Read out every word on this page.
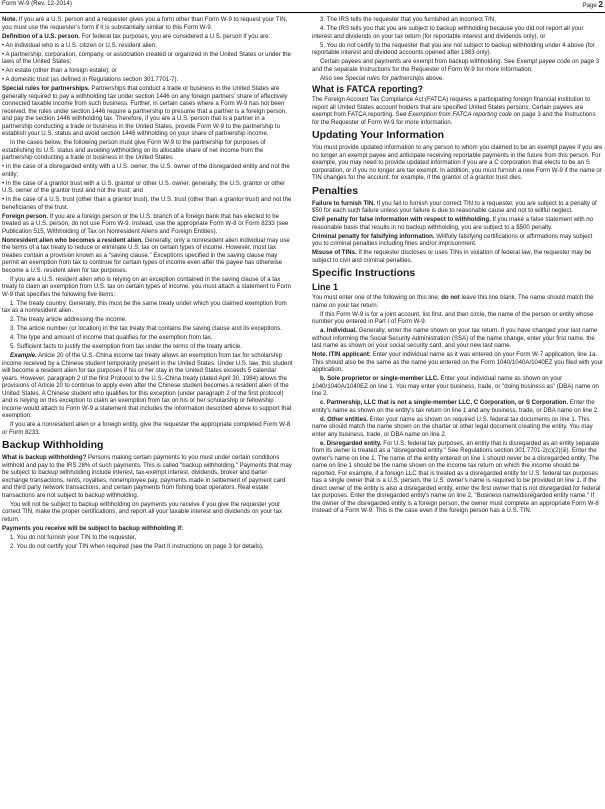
Form W-9 (Rev. 12-2014)	Page 2

Note. If you are a U.S. person and a requester gives you a form other than Form W-9 to request your TIN, you must use the requester's form if it is substantially similar to this Form W-9.

Definition of a U.S. person. For federal tax purposes, you are considered a U.S. person if you are:

• An individual who is a U.S. citizen or U.S. resident alien;

• A partnership, corporation, company, or association created or organized in the United States or under the laws of the United States;

• An estate (other than a foreign estate); or

• A domestic trust (as defined in Regulations section 301.7701-7).

Special rules for partnerships. Partnerships that conduct a trade or business in the United States are generally required to pay a withholding tax under section 1446 on any foreign partners' share of effectively connected taxable income from such business. Further, in certain cases where a Form W-9 has not been received, the rules under section 1446 require a partnership to presume that a partner is a foreign person, and pay the section 1446 withholding tax. Therefore, if you are a U.S. person that is a partner in a partnership conducting a trade or business in the United States, provide Form W-9 to the partnership to establish your U.S. status and avoid section 1446 withholding on your share of partnership income.

In the cases below, the following person must give Form W-9 to the partnership for purposes of establishing its U.S. status and avoiding withholding on its allocable share of net income from the partnership conducting a trade or business in the United States:

• In the case of a disregarded entity with a U.S. owner, the U.S. owner of the disregarded entity and not the entity;

• In the case of a grantor trust with a U.S. grantor or other U.S. owner, generally, the U.S. grantor or other U.S. owner of the grantor trust and not the trust; and

• In the case of a U.S. trust (other than a grantor trust), the U.S. trust (other than a grantor trust) and not the beneficiaries of the trust.

Foreign person. If you are a foreign person or the U.S. branch of a foreign bank that has elected to be treated as a U.S. person, do not use Form W-9. Instead, use the appropriate Form W-8 or Form 8233 (see Publication 515, Withholding of Tax on Nonresident Aliens and Foreign Entities).

Nonresident alien who becomes a resident alien. Generally, only a nonresident alien individual may use the terms of a tax treaty to reduce or eliminate U.S. tax on certain types of income. However, most tax treaties contain a provision known as a "saving clause." Exceptions specified in the saving clause may permit an exemption from tax to continue for certain types of income even after the payee has otherwise become a U.S. resident alien for tax purposes.

If you are a U.S. resident alien who is relying on an exception contained in the saving clause of a tax treaty to claim an exemption from U.S. tax on certain types of income, you must attach a statement to Form W-9 that specifies the following five items:

1. The treaty country. Generally, this must be the same treaty under which you claimed exemption from tax as a nonresident alien.

2. The treaty article addressing the income.

3. The article number (or location) in the tax treaty that contains the saving clause and its exceptions.

4. The type and amount of income that qualifies for the exemption from tax.

5. Sufficient facts to justify the exemption from tax under the terms of the treaty article.

Example. Article 20 of the U.S.-China income tax treaty allows an exemption from tax for scholarship income received by a Chinese student temporarily present in the United States. Under U.S. law, this student will become a resident alien for tax purposes if his or her stay in the United States exceeds 5 calendar years. However, paragraph 2 of the first Protocol to the U.S.-China treaty (dated April 30, 1984) allows the provisions of Article 20 to continue to apply even after the Chinese student becomes a resident alien of the United States. A Chinese student who qualifies for this exception (under paragraph 2 of the first protocol) and is relying on this exception to claim an exemption from tax on his or her scholarship or fellowship income would attach to Form W-9 a statement that includes the information described above to support that exemption.

If you are a nonresident alien or a foreign entity, give the requester the appropriate completed Form W-8 or Form 8233.

Backup Withholding

What is backup withholding? Persons making certain payments to you must under certain conditions withhold and pay to the IRS 28% of such payments. This is called "backup withholding." Payments that may be subject to backup withholding include interest, tax-exempt interest, dividends, broker and barter exchange transactions, rents, royalties, nonemployee pay, payments made in settlement of payment card and third party network transactions, and certain payments from fishing boat operators. Real estate transactions are not subject to backup withholding.

You will not be subject to backup withholding on payments you receive if you give the requester your correct TIN, make the proper certifications, and report all your taxable interest and dividends on your tax return.

Payments you receive will be subject to backup withholding if:

1. You do not furnish your TIN to the requester,

2. You do not certify your TIN when required (see the Part II instructions on page 3 for details),

3. The IRS tells the requester that you furnished an incorrect TIN,

4. The IRS tells you that you are subject to backup withholding because you did not report all your interest and dividends on your tax return (for reportable interest and dividends only), or

5. You do not certify to the requester that you are not subject to backup withholding under 4 above (for reportable interest and dividend accounts opened after 1983 only).

Certain payees and payments are exempt from backup withholding. See Exempt payee code on page 3 and the separate Instructions for the Requester of Form W-9 for more information.

Also see Special rules for partnerships above.

What is FATCA reporting?

The Foreign Account Tax Compliance Act (FATCA) requires a participating foreign financial institution to report all United States account holders that are specified United States persons. Certain payees are exempt from FATCA reporting. See Exemption from FATCA reporting code on page 3 and the Instructions for the Requester of Form W-9 for more information.

Updating Your Information

You must provide updated information to any person to whom you claimed to be an exempt payee if you are no longer an exempt payee and anticipate receiving reportable payments in the future from this person. For example, you may need to provide updated information if you are a C corporation that elects to be an S corporation, or if you no longer are tax exempt. In addition, you must furnish a new Form W-9 if the name or TIN changes for the account; for example, if the grantor of a grantor trust dies.

Penalties

Failure to furnish TIN. If you fail to furnish your correct TIN to a requester, you are subject to a penalty of $50 for each such failure unless your failure is due to reasonable cause and not to willful neglect.

Civil penalty for false information with respect to withholding. If you make a false statement with no reasonable basis that results in no backup withholding, you are subject to a $500 penalty.

Criminal penalty for falsifying information. Willfully falsifying certifications or affirmations may subject you to criminal penalties including fines and/or imprisonment.

Misuse of TINs. If the requester discloses or uses TINs in violation of federal law, the requester may be subject to civil and criminal penalties.

Specific Instructions
Line 1

You must enter one of the following on this line; do not leave this line blank. The name should match the name on your tax return.

If this Form W-9 is for a joint account, list first, and then circle, the name of the person or entity whose number you entered in Part I of Form W-9.

a. Individual. Generally, enter the name shown on your tax return. If you have changed your last name without informing the Social Security Administration (SSA) of the name change, enter your first name, the last name as shown on your social security card, and your new last name.

Note. ITIN applicant: Enter your individual name as it was entered on your Form W-7 application, line 1a. This should also be the same as the name you entered on the Form 1040/1040A/1040EZ you filed with your application.

b. Sole proprietor or single-member LLC. Enter your individual name as shown on your 1040/1040A/1040EZ on line 1. You may enter your business, trade, or "doing business as" (DBA) name on line 2.

c. Partnership, LLC that is not a single-member LLC, C Corporation, or S Corporation. Enter the entity's name as shown on the entity's tax return on line 1 and any business, trade, or DBA name on line 2.

d. Other entities. Enter your name as shown on required U.S. federal tax documents on line 1. This name should match the name shown on the charter or other legal document creating the entity. You may enter any business, trade, or DBA name on line 2.

e. Disregarded entity. For U.S. federal tax purposes, an entity that is disregarded as an entity separate from its owner is treated as a "disregarded entity." See Regulations section 301.7701-2(c)(2)(iii). Enter the owner's name on line 1. The name of the entity entered on line 1 should never be a disregarded entity. The name on line 1 should be the name shown on the income tax return on which the income should be reported. For example, if a foreign LLC that is treated as a disregarded entity for U.S. federal tax purposes has a single owner that is a U.S. person, the U.S. owner's name is required to be provided on line 1. If the direct owner of the entity is also a disregarded entity, enter the first owner that is not disregarded for federal tax purposes. Enter the disregarded entity's name on line 2, "Business name/disregarded entity name." If the owner of the disregarded entity is a foreign person, the owner must complete an appropriate Form W-8 instead of a Form W-9. This is the case even if the foreign person has a U.S. TIN.
